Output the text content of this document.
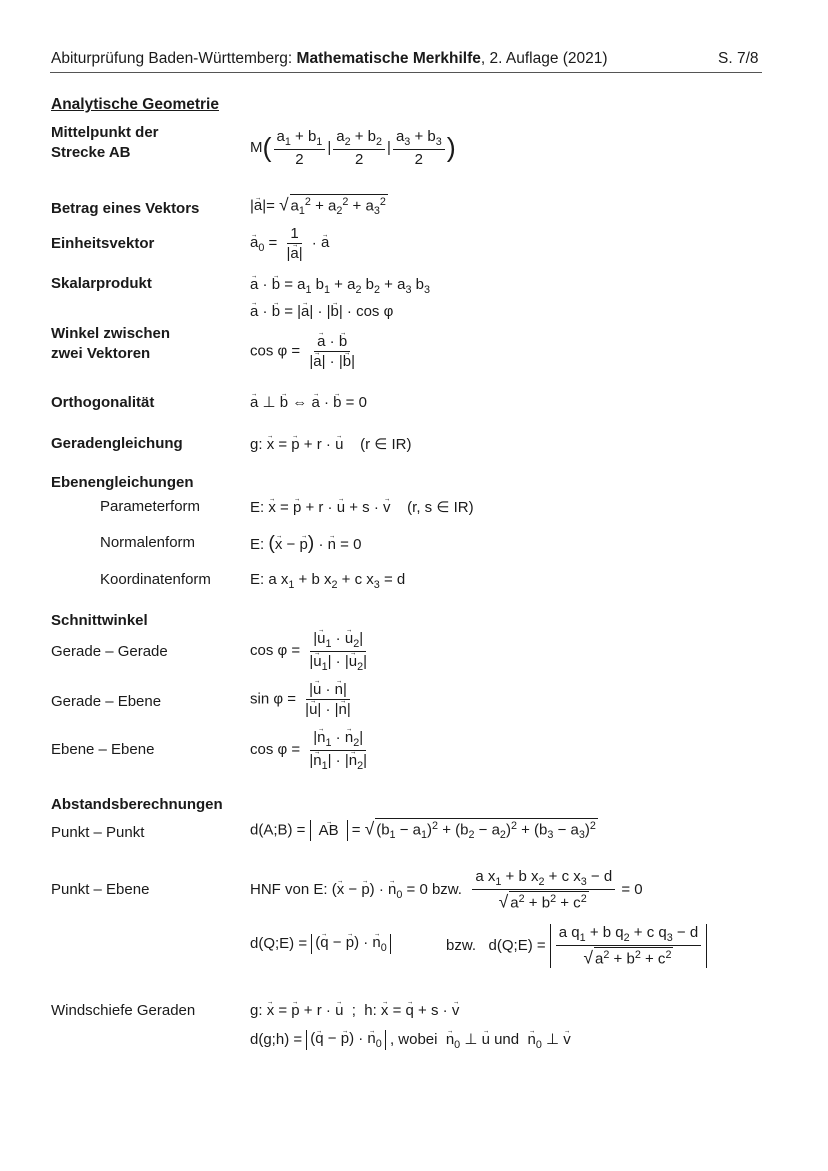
Abiturprüfung Baden-Württemberg: Mathematische Merkhilfe, 2. Auflage (2021)	S. 7/8
Analytische Geometrie
Mittelpunkt der
Strecke AB	$M( \frac{a_1 + b_1}{2}$ | $\frac{a_2 + b_2}{2}$ | $\frac{a_3 + b_3}{2}$ )
Betrag eines Vektors	|→ a|= √ $a_1^2 + a_2^2 + a_3^2$
Einheitsvektor	→ $a_0 = \frac{1}{|\to a|}$ · → a
Skalarprodukt	→ a · → $b = a_1$ $b_1 + a_2$ $b_2 + a_3$ $b_3$
→ a · → b = |→ a| · |→ b| · cos φ
Winkel zwischen
zwei Vektoren	cos φ = → $\frac{a \cdot \to b}{|\to a| \cdot |\to b|}$
Orthogonalität	→ a ⊥ → b ⇔ → a · → b = 0
Geradengleichung	g: → x = → p + r · → u (r ∈ IR)
Ebenengleichungen
Parameterform	E: → x = → p + r · → u + s · → v (r, s ∈ IR)
Normalenform	E: (→ x − → p) · → n = 0
Koordinatenform	E: a $x_1 + b$ $x_2 + c$ $x_3 = d$
Schnittwinkel
Gerade – Gerade	$\cos \varphi = \frac{|\to u_1 \cdot \to u_2|}{|\to u_1| \cdot |\to u_2|}$
Gerade – Ebene	$\sin \varphi = \frac{|\to u \cdot \to n|}{|\to u| \cdot |\to n|}$
Ebene – Ebene	$\cos \varphi = \frac{|\to n_1 \cdot \to n_2|}{|\to n_1| \cdot |\to n_2|}$
Abstandsberechnungen
Punkt – Punkt	d(A;B) = → AB = √ $(b_1 - a_1)^2 + (b_2 - a_2)^2 + (b_3 - a_3)^2$
Punkt – Ebene	HNF von E: (→ x − → p) · → $n_0 = 0$ bzw. $\frac{a x_1 + b x_2 + c x_3 - d}{√ a^2 + b^2 + c^2} = 0$
d(Q;E) = (→ q − → p) · → $n_0$	bzw.   d(Q;E) = $\frac{a q_1 + b q_2 + c q_3 - d}{√ a^2 + b^2 + c^2}$
Windschiefe Geraden	g: → x = → p + r · → u  ;  h: → x = → q + s · → v
d(g;h) = (→ q − → p) · → $n_0$ , wobei → $n_0$ ⊥ → u und → $n_0$ ⊥ → v
